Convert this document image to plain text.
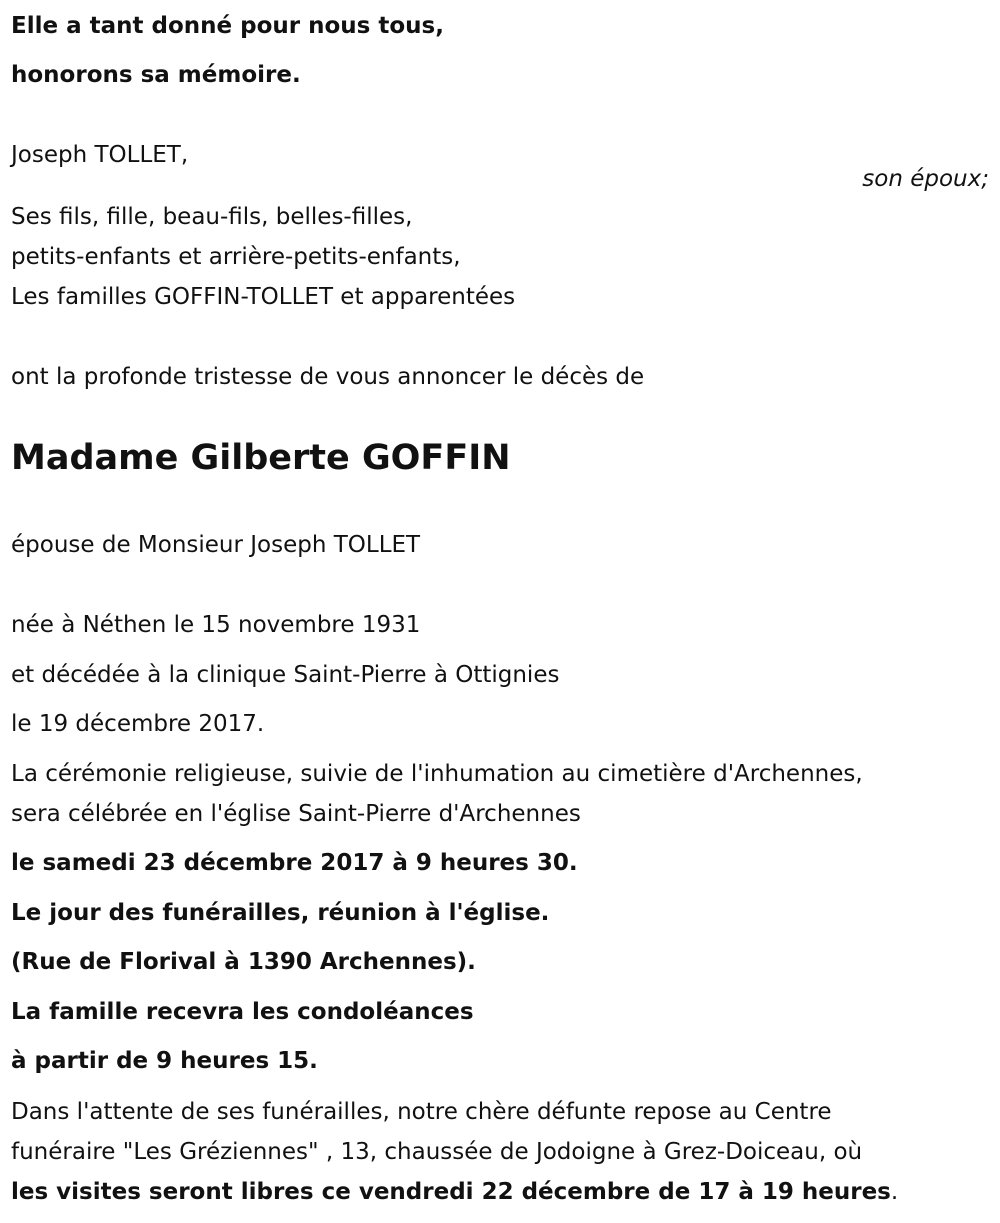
Elle a tant donné pour nous tous,
honorons sa mémoire.
Joseph TOLLET,
son époux;
Ses fils, fille, beau-fils, belles-filles,
petits-enfants et arrière-petits-enfants,
Les familles GOFFIN-TOLLET et apparentées
ont la profonde tristesse de vous annoncer le décès de
Madame Gilberte GOFFIN
épouse de Monsieur Joseph TOLLET
née à Néthen le 15 novembre 1931
et décédée à la clinique Saint-Pierre à Ottignies
le 19 décembre 2017.
La cérémonie religieuse, suivie de l'inhumation au cimetière d'Archennes,
sera célébrée en l'église Saint-Pierre d'Archennes
le samedi 23 décembre 2017 à 9 heures 30.
Le jour des funérailles, réunion à l'église.
(Rue de Florival à 1390 Archennes).
La famille recevra les condoléances
à partir de 9 heures 15.
Dans l'attente de ses funérailles, notre chère défunte repose au Centre
funéraire "Les Gréziennes" , 13, chaussée de Jodoigne à Grez-Doiceau, où
les visites seront libres ce vendredi 22 décembre de 17 à 19 heures.
